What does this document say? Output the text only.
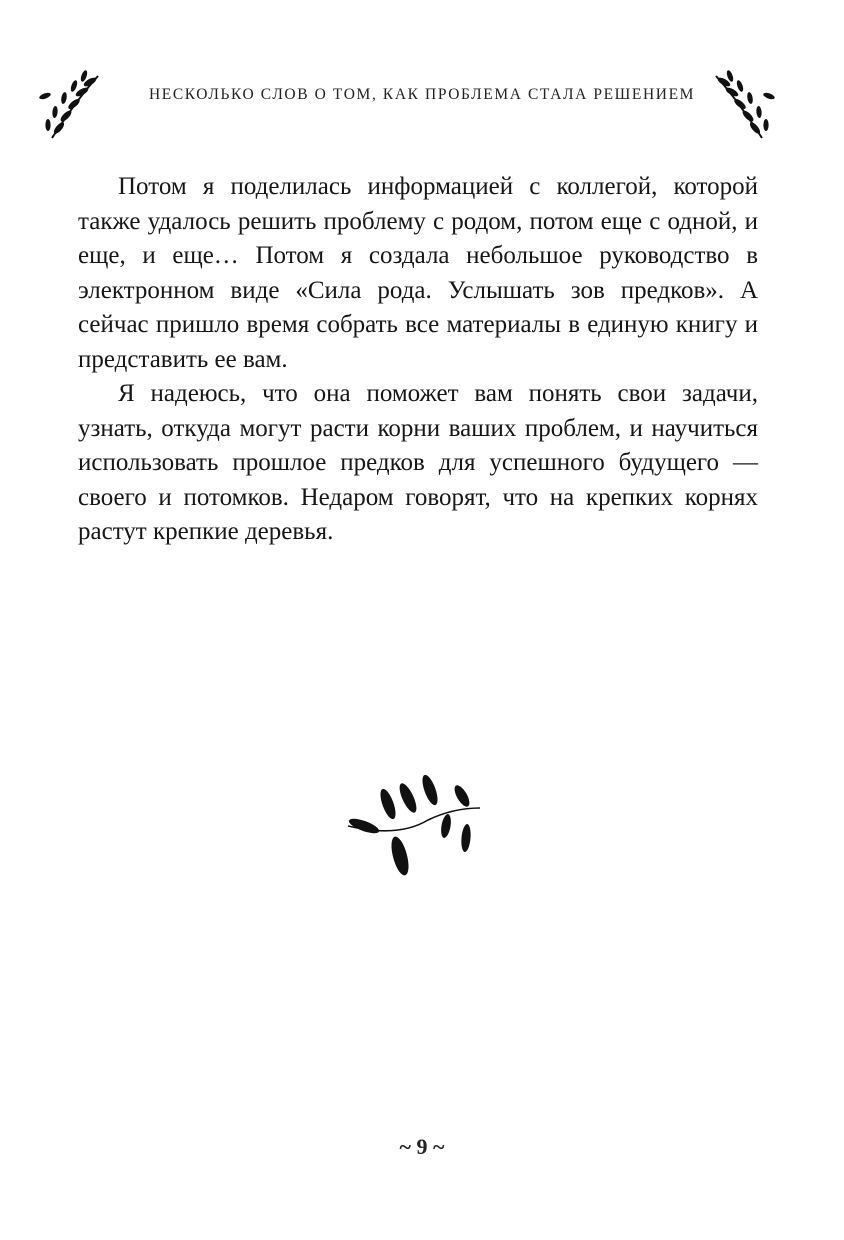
НЕСКОЛЬКО СЛОВ О ТОМ, КАК ПРОБЛЕМА СТАЛА РЕШЕНИЕМ

Потом я поделилась информацией с коллегой, которой также удалось решить проблему с родом, потом еще с одной, и еще, и еще… Потом я создала небольшое руководство в электронном виде «Сила рода. Услышать зов предков». А сейчас пришло время собрать все материалы в единую книгу и представить ее вам.

Я надеюсь, что она поможет вам понять свои задачи, узнать, откуда могут расти корни ваших проблем, и научиться использовать прошлое предков для успешного будущего — своего и потомков. Недаром говорят, что на крепких корнях растут крепкие деревья.

~ 9 ~
